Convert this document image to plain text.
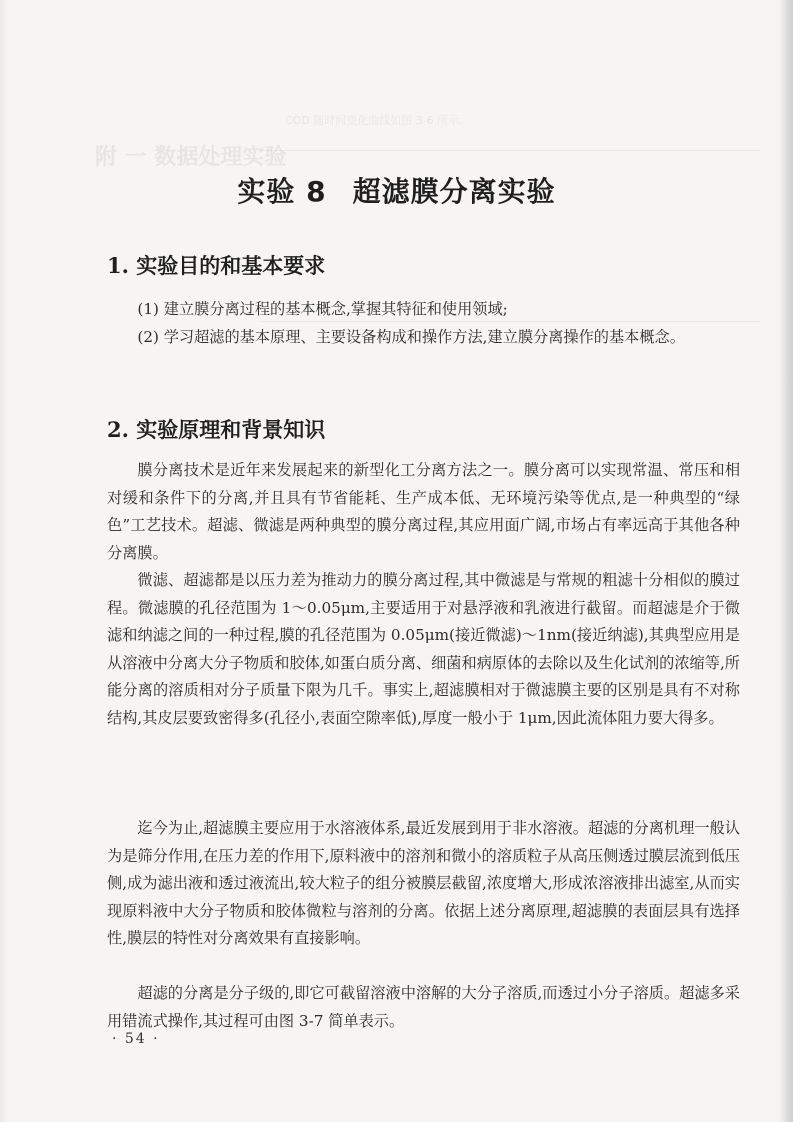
COD 随时间变化曲线如图 3-6 所示。
附 一 数据处理实验
实验 8 超滤膜分离实验
1. 实验目的和基本要求

(1) 建立膜分离过程的基本概念,掌握其特征和使用领域;

(2) 学习超滤的基本原理、主要设备构成和操作方法,建立膜分离操作的基本概念。

2. 实验原理和背景知识

膜分离技术是近年来发展起来的新型化工分离方法之一。膜分离可以实现常温、常压和相对缓和条件下的分离,并且具有节省能耗、生产成本低、无环境污染等优点,是一种典型的“绿色”工艺技术。超滤、微滤是两种典型的膜分离过程,其应用面广阔,市场占有率远高于其他各种分离膜。

微滤、超滤都是以压力差为推动力的膜分离过程,其中微滤是与常规的粗滤十分相似的膜过程。微滤膜的孔径范围为 1～0.05μm,主要适用于对悬浮液和乳液进行截留。而超滤是介于微滤和纳滤之间的一种过程,膜的孔径范围为 0.05μm(接近微滤)～1nm(接近纳滤),其典型应用是从溶液中分离大分子物质和胶体,如蛋白质分离、细菌和病原体的去除以及生化试剂的浓缩等,所能分离的溶质相对分子质量下限为几千。事实上,超滤膜相对于微滤膜主要的区别是具有不对称结构,其皮层要致密得多(孔径小,表面空隙率低),厚度一般小于 1μm,因此流体阻力要大得多。

迄今为止,超滤膜主要应用于水溶液体系,最近发展到用于非水溶液。超滤的分离机理一般认为是筛分作用,在压力差的作用下,原料液中的溶剂和微小的溶质粒子从高压侧透过膜层流到低压侧,成为滤出液和透过液流出,较大粒子的组分被膜层截留,浓度增大,形成浓溶液排出滤室,从而实现原料液中大分子物质和胶体微粒与溶剂的分离。依据上述分离原理,超滤膜的表面层具有选择性,膜层的特性对分离效果有直接影响。

超滤的分离是分子级的,即它可截留溶液中溶解的大分子溶质,而透过小分子溶质。超滤多采用错流式操作,其过程可由图 3-7 简单表示。

· 54 ·
